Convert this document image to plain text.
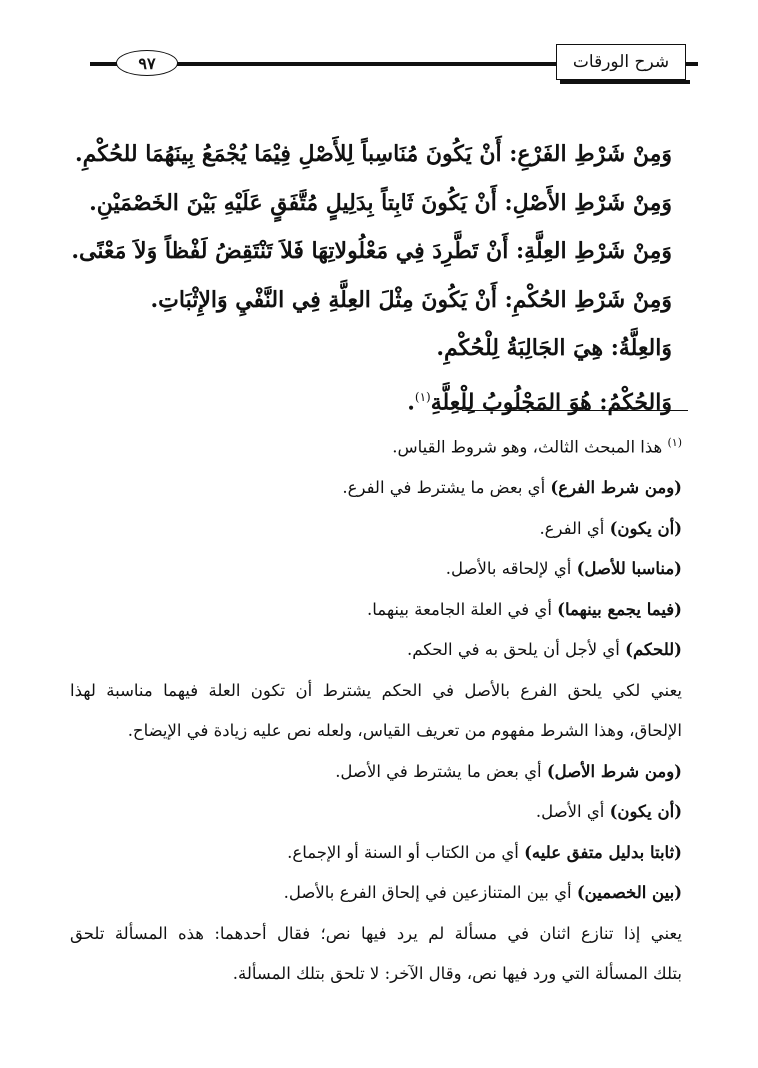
شرح الورقات
٩٧

وَمِنْ شَرْطِ الفَرْعِ: أَنْ يَكُونَ مُنَاسِباً لِلأَصْلِ فِيْمَا يُجْمَعُ بِينَهُمَا للحُكْمِ.

وَمِنْ شَرْطِ الأَصْلِ: أَنْ يَكُونَ ثَابِتاً بِدَلِيلٍ مُتَّفَقٍ عَلَيْهِ بَيْنَ الخَصْمَيْنِ.

وَمِنْ شَرْطِ العِلَّةِ: أَنْ تَطَّرِدَ فِي مَعْلُولاتِهَا فَلاَ تَنْتَقِضُ لَفْظاً وَلاَ مَعْنًى.

وَمِنْ شَرْطِ الحُكْمِ: أَنْ يَكُونَ مِثْلَ العِلَّةِ فِي النَّفْيِ وَالإِثْبَاتِ.

وَالعِلَّةُ: هِيَ الجَالِبَةُ لِلْحُكْمِ.

وَالحُكْمُ: هُوَ المَجْلُوبُ لِلْعِلَّةِ$^{(١)}$.

$^{(١)}$ هذا المبحث الثالث، وهو شروط القياس.

(ومن شرط الفرع) أي بعض ما يشترط في الفرع.

(أن يكون) أي الفرع.

(مناسبا للأصل) أي لإلحاقه بالأصل.

(فيما يجمع بينهما) أي في العلة الجامعة بينهما.

(للحكم) أي لأجل أن يلحق به في الحكم.

يعني لكي يلحق الفرع بالأصل في الحكم يشترط أن تكون العلة فيهما مناسبة لهذا

الإلحاق، وهذا الشرط مفهوم من تعريف القياس، ولعله نص عليه زيادة في الإيضاح.

(ومن شرط الأصل) أي بعض ما يشترط في الأصل.

(أن يكون) أي الأصل.

(ثابتا بدليل متفق عليه) أي من الكتاب أو السنة أو الإجماع.

(بين الخصمين) أي بين المتنازعين في إلحاق الفرع بالأصل.

يعني إذا تنازع اثنان في مسألة لم يرد فيها نص؛ فقال أحدهما: هذه المسألة تلحق

بتلك المسألة التي ورد فيها نص، وقال الآخر: لا تلحق بتلك المسألة.
